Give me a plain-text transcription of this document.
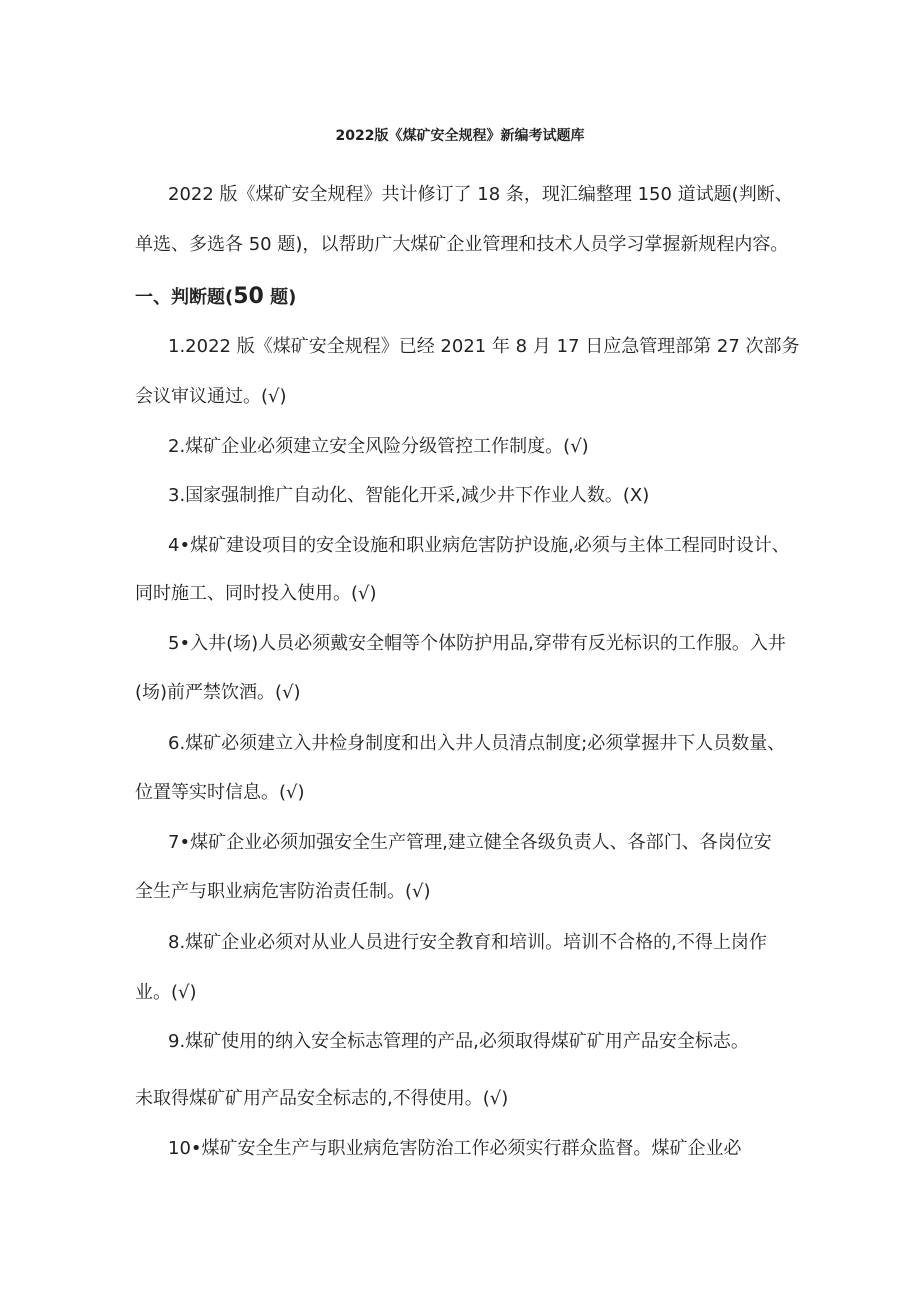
2022版《煤矿安全规程》新编考试题库
2022 版《煤矿安全规程》共计修订了 18 条，现汇编整理 150 道试题(判断、
单选、多选各 50 题)，以帮助广大煤矿企业管理和技术人员学习掌握新规程内容。
一、判断题(50 题)
1.2022 版《煤矿安全规程》已经 2021 年 8 月 17 日应急管理部第 27 次部务
会议审议通过。(√)
2.煤矿企业必须建立安全风险分级管控工作制度。(√)
3.国家强制推广自动化、智能化开采,减少井下作业人数。(X)
4•煤矿建设项目的安全设施和职业病危害防护设施,必须与主体工程同时设计、
同时施工、同时投入使用。(√)
5•入井(场)人员必须戴安全帽等个体防护用品,穿带有反光标识的工作服。入井
(场)前严禁饮酒。(√)
6.煤矿必须建立入井检身制度和出入井人员清点制度;必须掌握井下人员数量、
位置等实时信息。(√)
7•煤矿企业必须加强安全生产管理,建立健全各级负责人、各部门、各岗位安
全生产与职业病危害防治责任制。(√)
8.煤矿企业必须对从业人员进行安全教育和培训。培训不合格的,不得上岗作
业。(√)
9.煤矿使用的纳入安全标志管理的产品,必须取得煤矿矿用产品安全标志。
未取得煤矿矿用产品安全标志的,不得使用。(√)
10•煤矿安全生产与职业病危害防治工作必须实行群众监督。煤矿企业必
